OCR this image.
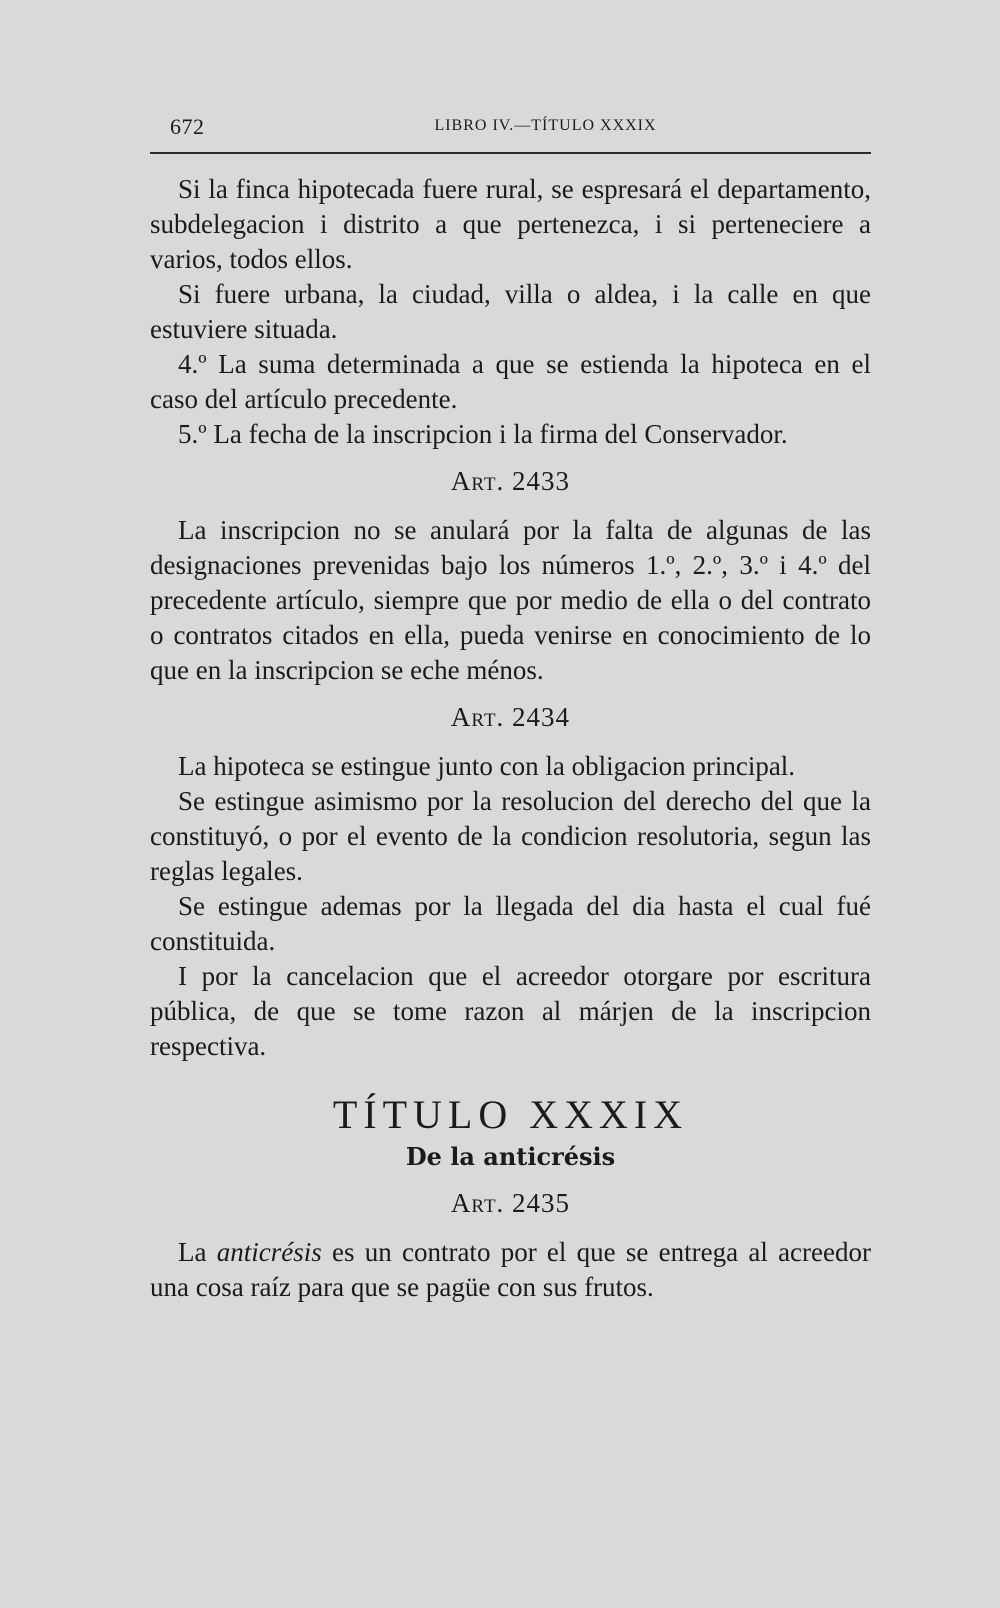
672	LIBRO IV.—TÍTULO XXXIX

Si la finca hipotecada fuere rural, se espresará el departamento, subdelegacion i distrito a que pertenezca, i si perteneciere a varios, todos ellos.

Si fuere urbana, la ciudad, villa o aldea, i la calle en que estuviere situada.

4.º La suma determinada a que se estienda la hipoteca en el caso del artículo precedente.

5.º La fecha de la inscripcion i la firma del Conservador.

Art. 2433

La inscripcion no se anulará por la falta de algunas de las designaciones prevenidas bajo los números 1.º, 2.º, 3.º i 4.º del precedente artículo, siempre que por medio de ella o del contrato o contratos citados en ella, pueda venirse en conocimiento de lo que en la inscripcion se eche ménos.

Art. 2434

La hipoteca se estingue junto con la obligacion principal.

Se estingue asimismo por la resolucion del derecho del que la constituyó, o por el evento de la condicion resolutoria, segun las reglas legales.

Se estingue ademas por la llegada del dia hasta el cual fué constituida.

I por la cancelacion que el acreedor otorgare por escritura pública, de que se tome razon al márjen de la inscripcion respectiva.

TÍTULO XXXIX
De la anticrésis
Art. 2435

La anticrésis es un contrato por el que se entrega al acreedor una cosa raíz para que se pagüe con sus frutos.
